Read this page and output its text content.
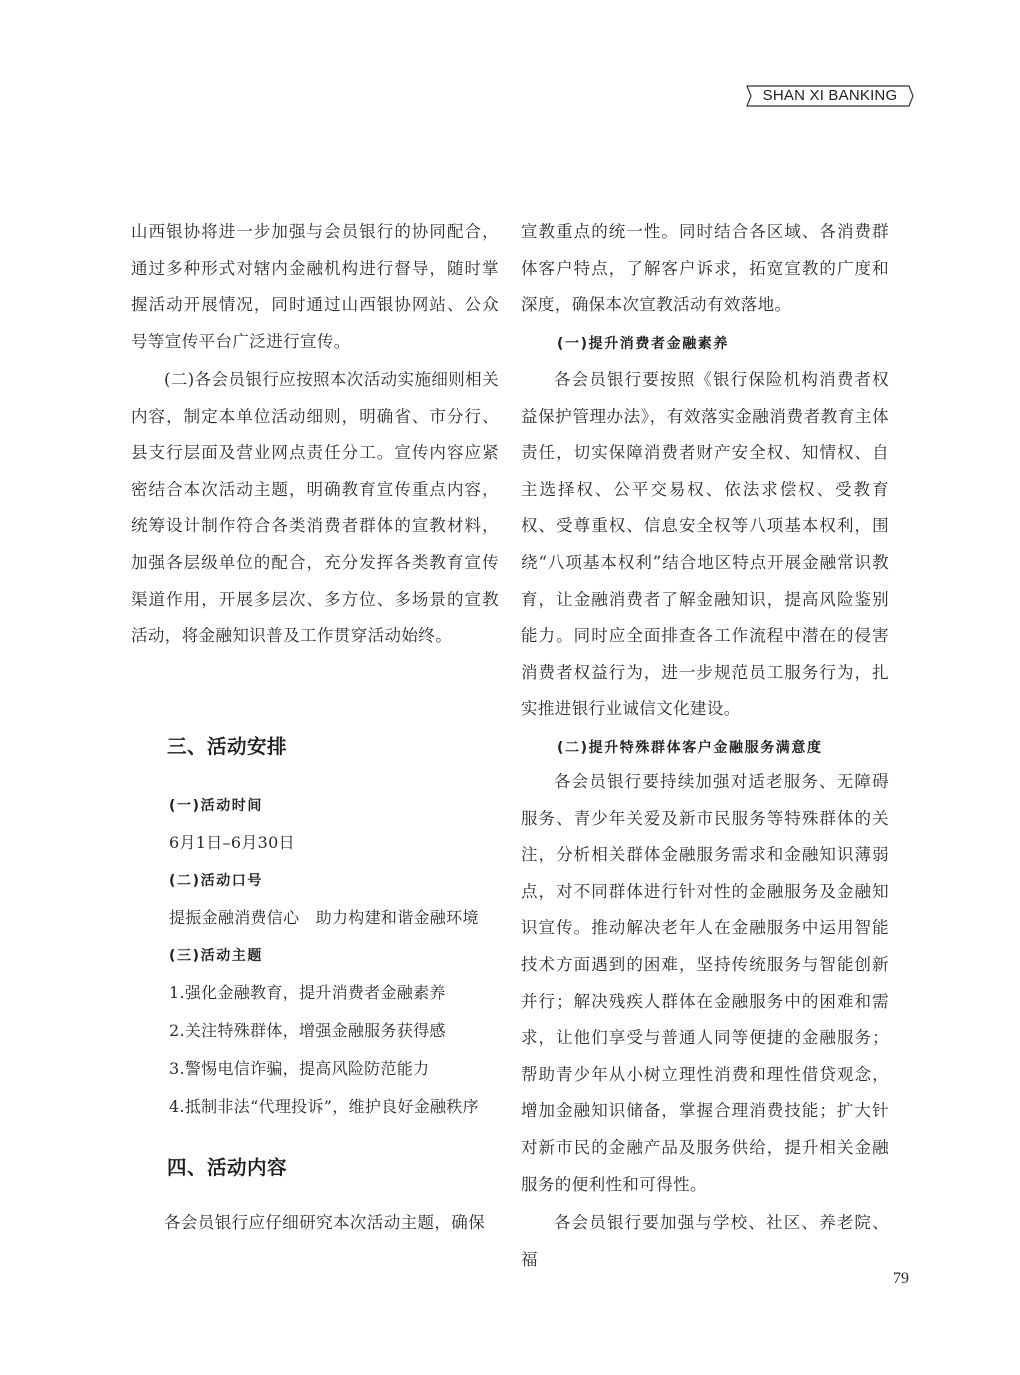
SHAN XI BANKING
山西银协将进一步加强与会员银行的协同配合，通过多种形式对辖内金融机构进行督导，随时掌握活动开展情况，同时通过山西银协网站、公众号等宣传平台广泛进行宣传。
(二)各会员银行应按照本次活动实施细则相关内容，制定本单位活动细则，明确省、市分行、县支行层面及营业网点责任分工。宣传内容应紧密结合本次活动主题，明确教育宣传重点内容，统筹设计制作符合各类消费者群体的宣教材料，加强各层级单位的配合，充分发挥各类教育宣传渠道作用，开展多层次、多方位、多场景的宣教活动，将金融知识普及工作贯穿活动始终。
三、活动安排
(一)活动时间
6月1日–6月30日
(二)活动口号
提振金融消费信心　助力构建和谐金融环境
(三)活动主题
1.强化金融教育，提升消费者金融素养
2.关注特殊群体，增强金融服务获得感
3.警惕电信诈骗，提高风险防范能力
4.抵制非法“代理投诉”，维护良好金融秩序
四、活动内容
各会员银行应仔细研究本次活动主题，确保
宣教重点的统一性。同时结合各区域、各消费群体客户特点，了解客户诉求，拓宽宣教的广度和深度，确保本次宣教活动有效落地。
(一)提升消费者金融素养
各会员银行要按照《银行保险机构消费者权益保护管理办法》，有效落实金融消费者教育主体责任，切实保障消费者财产安全权、知情权、自主选择权、公平交易权、依法求偿权、受教育权、受尊重权、信息安全权等八项基本权利，围绕“八项基本权利”结合地区特点开展金融常识教育，让金融消费者了解金融知识，提高风险鉴别能力。同时应全面排查各工作流程中潜在的侵害消费者权益行为，进一步规范员工服务行为，扎实推进银行业诚信文化建设。
(二)提升特殊群体客户金融服务满意度
各会员银行要持续加强对适老服务、无障碍服务、青少年关爱及新市民服务等特殊群体的关注，分析相关群体金融服务需求和金融知识薄弱点，对不同群体进行针对性的金融服务及金融知识宣传。推动解决老年人在金融服务中运用智能技术方面遇到的困难，坚持传统服务与智能创新并行；解决残疾人群体在金融服务中的困难和需求，让他们享受与普通人同等便捷的金融服务；帮助青少年从小树立理性消费和理性借贷观念，增加金融知识储备，掌握合理消费技能；扩大针对新市民的金融产品及服务供给，提升相关金融服务的便利性和可得性。
各会员银行要加强与学校、社区、养老院、福
79
